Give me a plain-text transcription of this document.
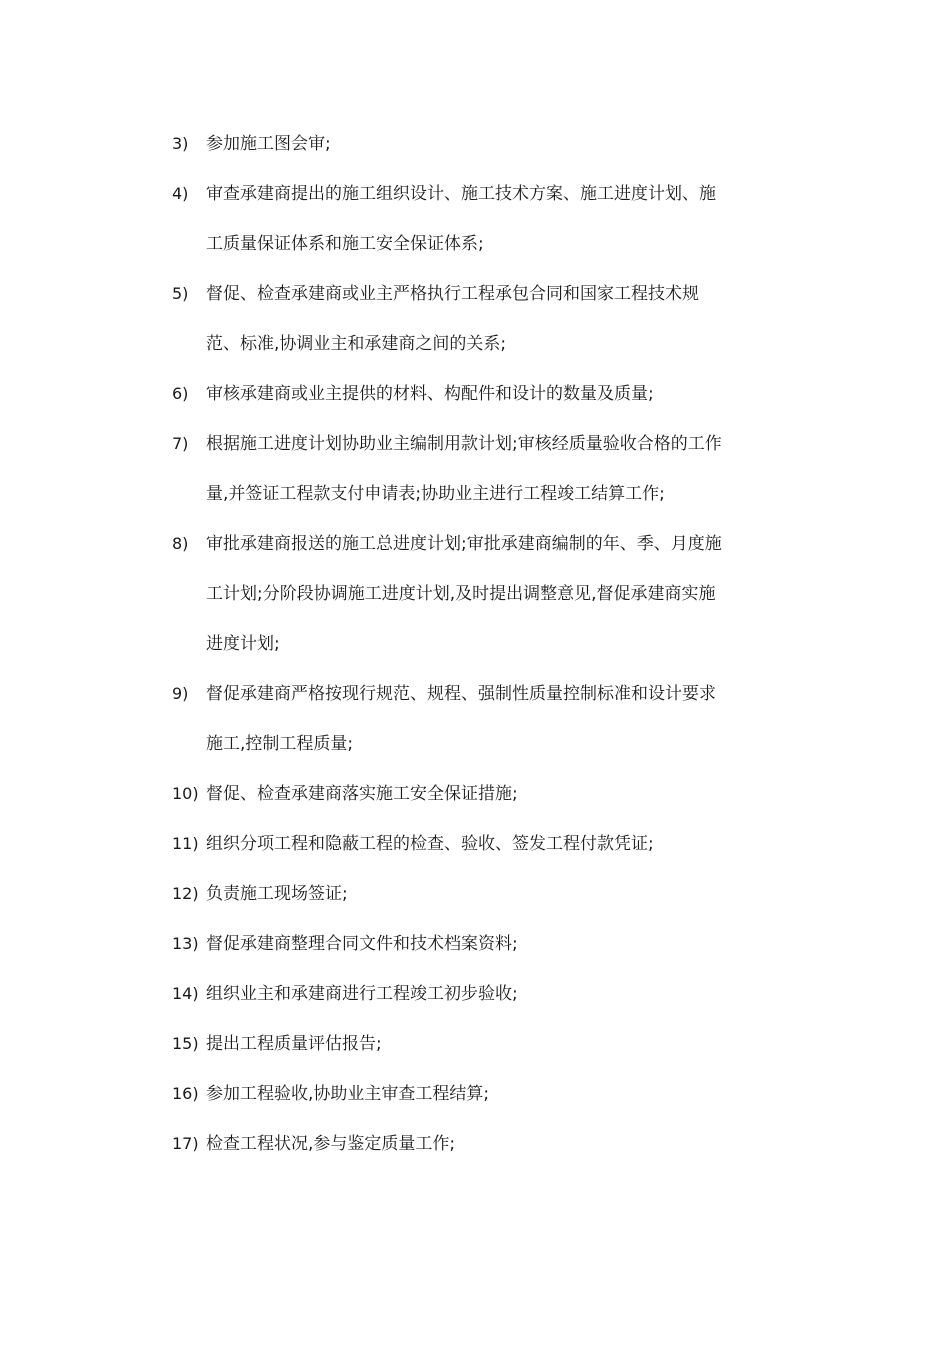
3) 参加施工图会审;
4) 审查承建商提出的施工组织设计、施工技术方案、施工进度计划、施工质量保证体系和施工安全保证体系;
5) 督促、检查承建商或业主严格执行工程承包合同和国家工程技术规范、标准,协调业主和承建商之间的关系;
6) 审核承建商或业主提供的材料、构配件和设计的数量及质量;
7) 根据施工进度计划协助业主编制用款计划;审核经质量验收合格的工作量,并签证工程款支付申请表;协助业主进行工程竣工结算工作;
8) 审批承建商报送的施工总进度计划;审批承建商编制的年、季、月度施工计划;分阶段协调施工进度计划,及时提出调整意见,督促承建商实施进度计划;
9) 督促承建商严格按现行规范、规程、强制性质量控制标准和设计要求施工,控制工程质量;
10) 督促、检查承建商落实施工安全保证措施;
11) 组织分项工程和隐蔽工程的检查、验收、签发工程付款凭证;
12) 负责施工现场签证;
13) 督促承建商整理合同文件和技术档案资料;
14) 组织业主和承建商进行工程竣工初步验收;
15) 提出工程质量评估报告;
16) 参加工程验收,协助业主审查工程结算;
17) 检查工程状况,参与鉴定质量工作;
